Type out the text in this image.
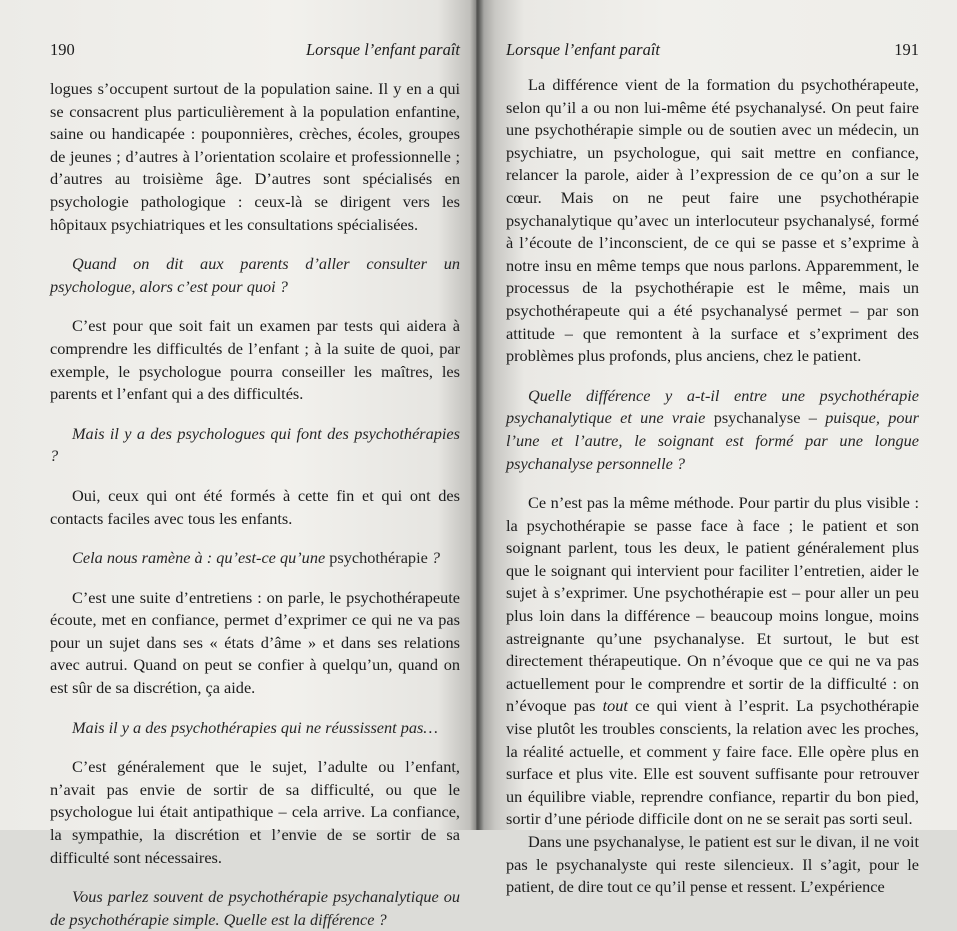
190	Lorsque l’enfant paraît

logues s’occupent surtout de la population saine. Il y en a qui se consacrent plus particulièrement à la population enfantine, saine ou handicapée : pouponnières, crèches, écoles, groupes de jeunes ; d’autres à l’orientation scolaire et professionnelle ; d’autres au troisième âge. D’autres sont spécialisés en psychologie pathologique : ceux-là se dirigent vers les hôpitaux psychiatriques et les consultations spécialisées.

Quand on dit aux parents d’aller consulter un psychologue, alors c’est pour quoi ?

C’est pour que soit fait un examen par tests qui aidera à comprendre les difficultés de l’enfant ; à la suite de quoi, par exemple, le psychologue pourra conseiller les maîtres, les parents et l’enfant qui a des difficultés.

Mais il y a des psychologues qui font des psychothérapies ?

Oui, ceux qui ont été formés à cette fin et qui ont des contacts faciles avec tous les enfants.

Cela nous ramène à : qu’est-ce qu’une psychothérapie ?

C’est une suite d’entretiens : on parle, le psychothérapeute écoute, met en confiance, permet d’exprimer ce qui ne va pas pour un sujet dans ses « états d’âme » et dans ses relations avec autrui. Quand on peut se confier à quelqu’un, quand on est sûr de sa discrétion, ça aide.

Mais il y a des psychothérapies qui ne réussissent pas…

C’est généralement que le sujet, l’adulte ou l’enfant, n’avait pas envie de sortir de sa difficulté, ou que le psychologue lui était antipathique – cela arrive. La confiance, la sympathie, la discrétion et l’envie de se sortir de sa difficulté sont nécessaires.

Vous parlez souvent de psychothérapie psychanalytique ou de psychothérapie simple. Quelle est la différence ?

Lorsque l’enfant paraît	191

La différence vient de la formation du psychothérapeute, selon qu’il a ou non lui-même été psychanalysé. On peut faire une psychothérapie simple ou de soutien avec un médecin, un psychiatre, un psychologue, qui sait mettre en confiance, relancer la parole, aider à l’expression de ce qu’on a sur le cœur. Mais on ne peut faire une psychothérapie psychanalytique qu’avec un interlocuteur psychanalysé, formé à l’écoute de l’inconscient, de ce qui se passe et s’exprime à notre insu en même temps que nous parlons. Apparemment, le processus de la psychothérapie est le même, mais un psychothérapeute qui a été psychanalysé permet – par son attitude – que remontent à la surface et s’expriment des problèmes plus profonds, plus anciens, chez le patient.

Quelle différence y a-t-il entre une psychothérapie psychanalytique et une vraie psychanalyse – puisque, pour l’une et l’autre, le soignant est formé par une longue psychanalyse personnelle ?

Ce n’est pas la même méthode. Pour partir du plus visible : la psychothérapie se passe face à face ; le patient et son soignant parlent, tous les deux, le patient généralement plus que le soignant qui intervient pour faciliter l’entretien, aider le sujet à s’exprimer. Une psychothérapie est – pour aller un peu plus loin dans la différence – beaucoup moins longue, moins astreignante qu’une psychanalyse. Et surtout, le but est directement thérapeutique. On n’évoque que ce qui ne va pas actuellement pour le comprendre et sortir de la difficulté : on n’évoque pas tout ce qui vient à l’esprit. La psychothérapie vise plutôt les troubles conscients, la relation avec les proches, la réalité actuelle, et comment y faire face. Elle opère plus en surface et plus vite. Elle est souvent suffisante pour retrouver un équilibre viable, reprendre confiance, repartir du bon pied, sortir d’une période difficile dont on ne se serait pas sorti seul.

Dans une psychanalyse, le patient est sur le divan, il ne voit pas le psychanalyste qui reste silencieux. Il s’agit, pour le patient, de dire tout ce qu’il pense et ressent. L’expérience
